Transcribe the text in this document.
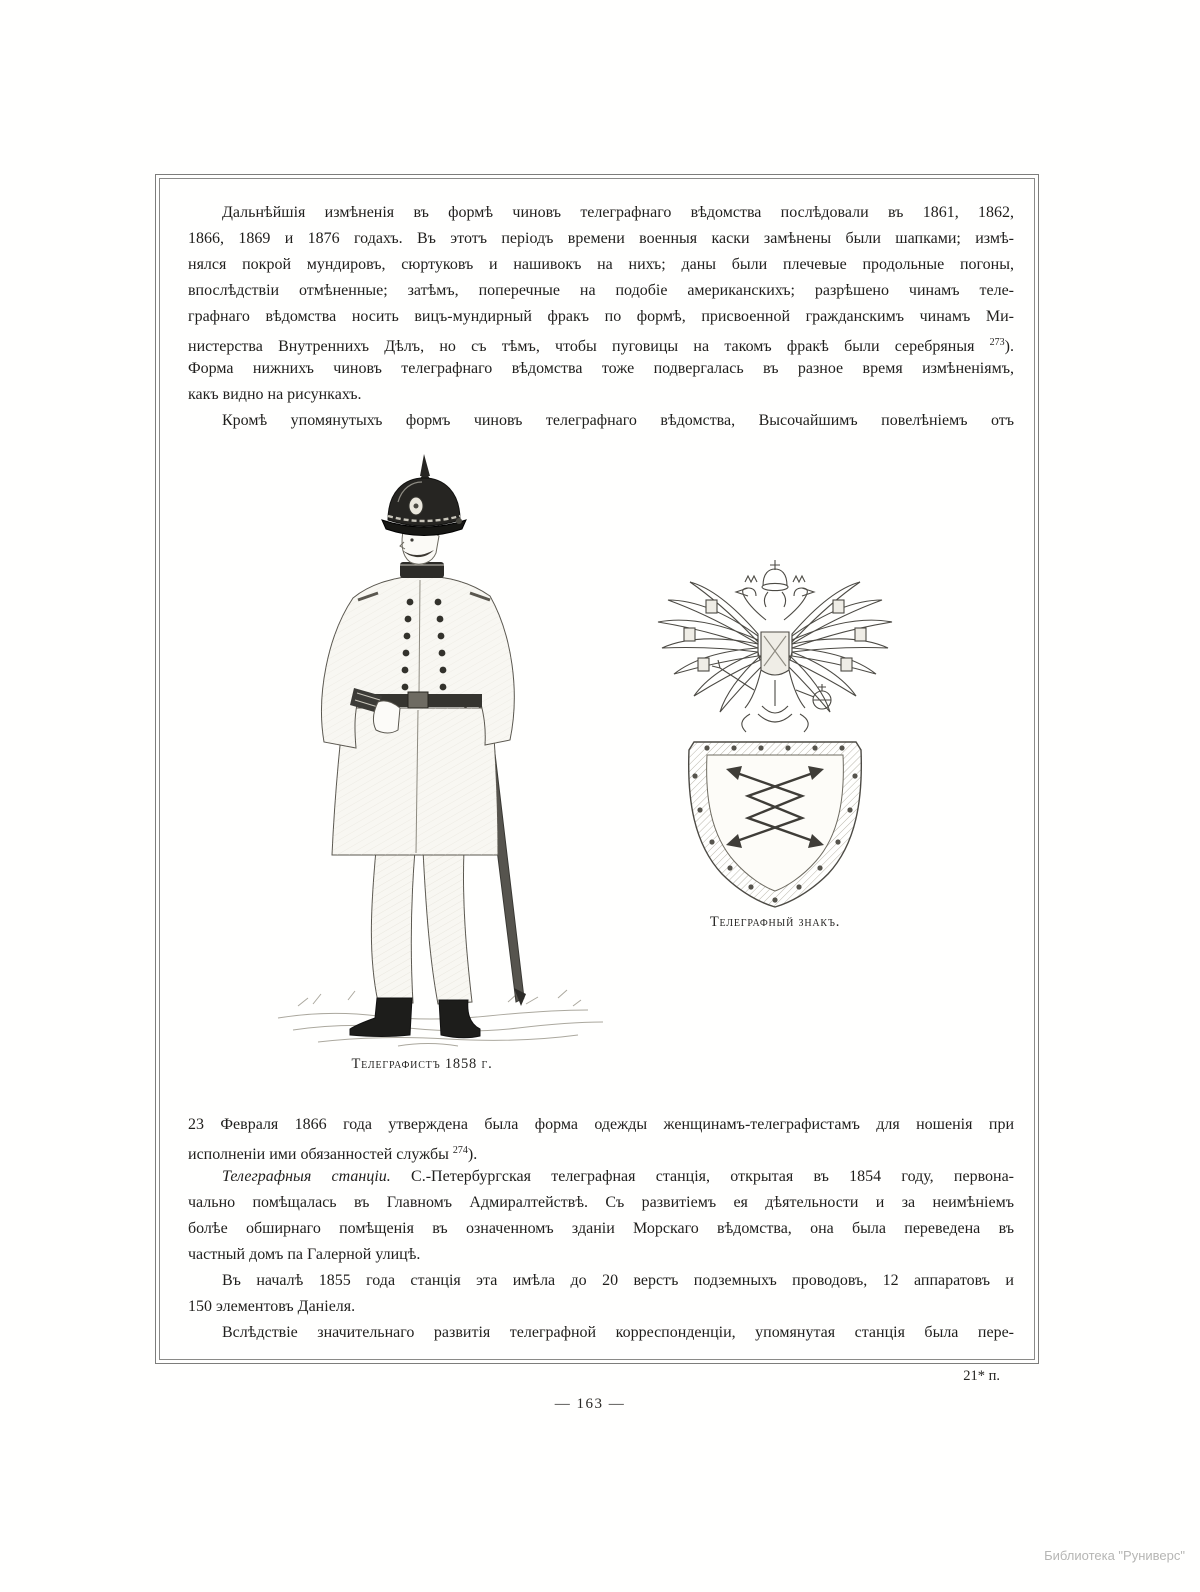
Дальнѣйшія измѣненія въ формѣ чиновъ телеграфнаго вѣдомства послѣдовали въ 1861, 1862,
1866, 1869 и 1876 годахъ. Въ этотъ періодъ времени военныя каски замѣнены были шапками; измѣ-
нялся покрой мундировъ, сюртуковъ и нашивокъ на нихъ; даны были плечевые продольные погоны,
впослѣдствіи отмѣненные; затѣмъ, поперечные на подобіе американскихъ; разрѣшено чинамъ теле-
графнаго вѣдомства носить вицъ-мундирный фракъ по формѣ, присвоенной гражданскимъ чинамъ Ми-
нистерства Внутреннихъ Дѣлъ, но съ тѣмъ, чтобы пуговицы на такомъ фракѣ были серебряныя $^{273}$).
Форма нижнихъ чиновъ телеграфнаго вѣдомства тоже подвергалась въ разное время измѣненіямъ,
какъ видно на рисункахъ.
Кромѣ упомянутыхъ формъ чиновъ телеграфнаго вѣдомства, Высочайшимъ повелѣніемъ отъ
Телеграфный знакъ.
Телеграфистъ 1858 г.
23 Февраля 1866 года утверждена была форма одежды женщинамъ-телеграфистамъ для ношенія при
исполненіи ими обязанностей службы $^{274}$).
Телеграфныя станціи. С.-Петербургская телеграфная станція, открытая въ 1854 году, первона-
чально помѣщалась въ Главномъ Адмиралтействѣ. Съ развитіемъ ея дѣятельности и за неимѣніемъ
болѣе обширнаго помѣщенія въ означенномъ зданіи Морскаго вѣдомства, она была переведена въ
частный домъ па Галерной улицѣ.
Въ началѣ 1855 года станція эта имѣла до 20 верстъ подземныхъ проводовъ, 12 аппаратовъ и
150 элементовъ Даніеля.
Вслѣдствіе значительнаго развитія телеграфной корреспонденціи, упомянутая станція была пере-
21* п.
— 163 —
Библиотека "Руниверс"
